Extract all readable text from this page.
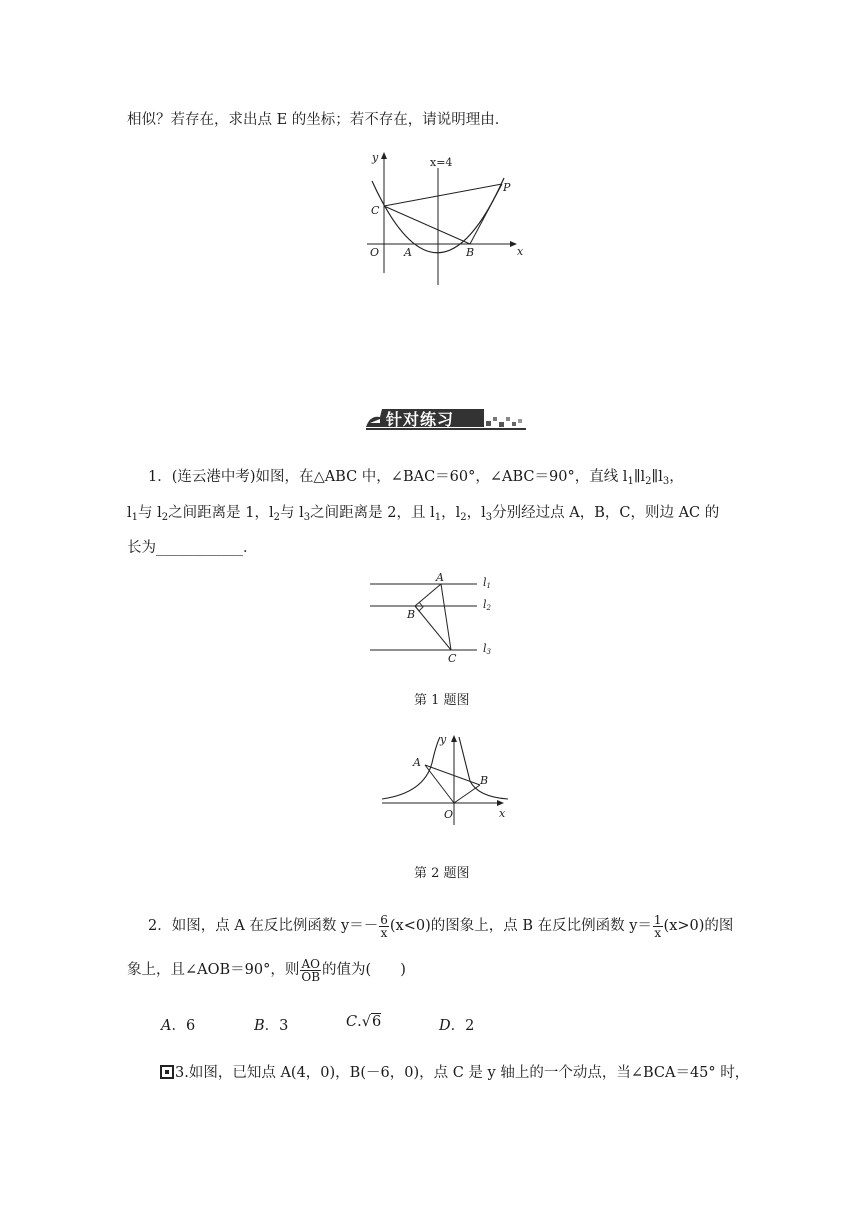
相似？若存在，求出点 E 的坐标；若不存在，请说明理由．
y	x=4
P
C
O A	B	x
针对练习
1．(连云港中考)如图，在△ABC 中，∠BAC＝60°，∠ABC＝90°，直线 $l_1\parallel l_2\parallel l_3$，
$l_1$与 $l_2$之间距离是 1，$l_2$与 $l_3$之间距离是 2，且 $l_1$，$l_2$，$l_3$分别经过点 A，B，C，则边 AC 的
长为____________．
A
B
C
l1
l2
l3
第 1 题图
y
A
B
O	x
第 2 题图
2．如图，点 A 在反比例函数 $y=- \frac{6}{x} (x<0)$的图象上，点 B 在反比例函数 $y= \frac{1}{x} (x>0)$的图
象上，且∠AOB＝90°，则 $\frac{AO}{OB}$ 的值为(　　)
A．6	B．3	C.√6	D．2
3.如图，已知点 A(4，0)，B(－6，0)，点 C 是 y 轴上的一个动点，当∠BCA＝45° 时，
